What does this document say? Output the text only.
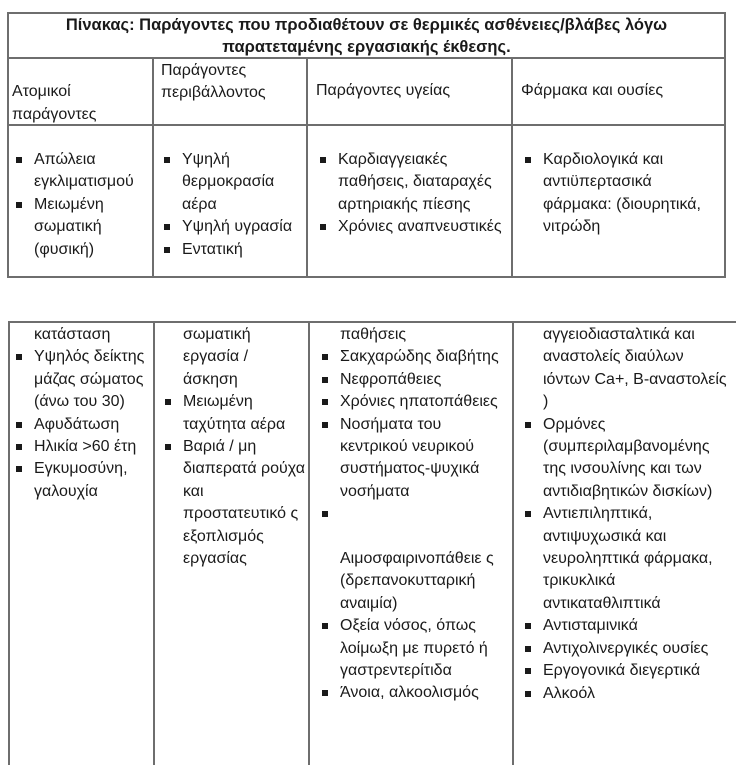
Πίνακας: Παράγοντες που προδιαθέτουν σε θερμικές ασθένειες/βλάβες λόγω παρατεταμένης εργασιακής έκθεσης.
Ατομικοί παράγοντες
Παράγοντες περιβάλλοντος	Παράγοντες υγείας	Φάρμακα και ουσίες
Απώλεια εγκλιματισμού
Μειωμένη σωματική (φυσική)
Υψηλή θερμοκρασία αέρα
Υψηλή υγρασία
Εντατική
Καρδιαγγειακές παθήσεις, διαταραχές αρτηριακής πίεσης
Χρόνιες αναπνευστικές
Καρδιολογικά και αντιϋπερτασικά φάρμακα: (διουρητικά,
νιτρώδη
κατάσταση
Υψηλός δείκτης μάζας σώματος (άνω του 30)
Αφυδάτωση
Ηλικία >60 έτη
Εγκυμοσύνη, γαλουχία
σωματική εργασία / άσκηση
Μειωμένη ταχύτητα αέρα
Βαριά / μη διαπερατά ρούχα και προστατευτικό ς εξοπλισμός εργασίας
παθήσεις
Σακχαρώδης διαβήτης
Νεφροπάθειες
Χρόνιες ηπατοπάθειες
Νοσήματα του κεντρικού νευρικού συστήματος-ψυχικά νοσήματα
Αιμοσφαιρινοπάθειε ς (δρεπανοκυτταρική αναιμία)
Οξεία νόσος, όπως λοίμωξη με πυρετό ή γαστρεντερίτιδα
Άνοια, αλκοολισμός
αγγειοδιασταλτικά και αναστολείς διαύλων ιόντων Ca+, B-αναστολείς )
Ορμόνες (συμπεριλαμβανομένης της ινσουλίνης και των αντιδιαβητικών δισκίων)
Αντιεπιληπτικά, αντιψυχωσικά και νευροληπτικά φάρμακα, τρικυκλικά αντικαταθλιπτικά
Αντισταμινικά
Αντιχολινεργικές ουσίες
Εργογονικά διεγερτικά
Αλκοόλ
